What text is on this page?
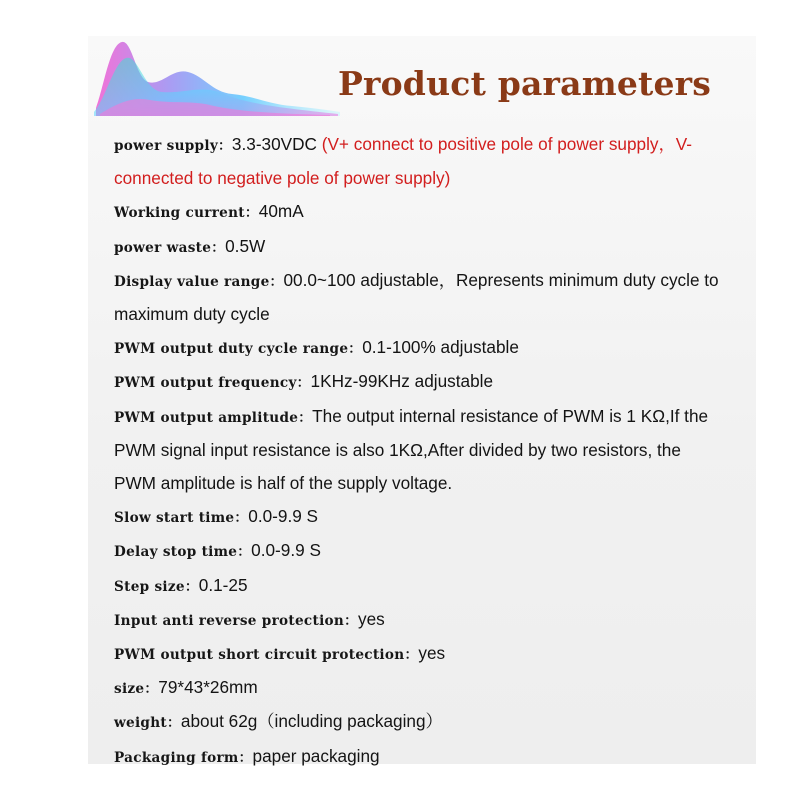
Product parameters
power supply：3.3-30VDC (V+ connect to positive pole of power supply，V- connected to negative pole of power supply)
Working current：40mA
power waste：0.5W
Display value range：00.0~100 adjustable，Represents minimum duty cycle to maximum duty cycle
PWM output duty cycle range：0.1-100% adjustable
PWM output frequency：1KHz-99KHz adjustable
PWM output amplitude：The output internal resistance of PWM is 1 KΩ,If the PWM signal input resistance is also 1KΩ,After divided by two resistors, the PWM amplitude is half of the supply voltage.
Slow start time：0.0-9.9 S
Delay stop time：0.0-9.9 S
Step size：0.1-25
Input anti reverse protection：yes
PWM output short circuit protection：yes
size：79*43*26mm
weight：about 62g（including packaging）
Packaging form：paper packaging
